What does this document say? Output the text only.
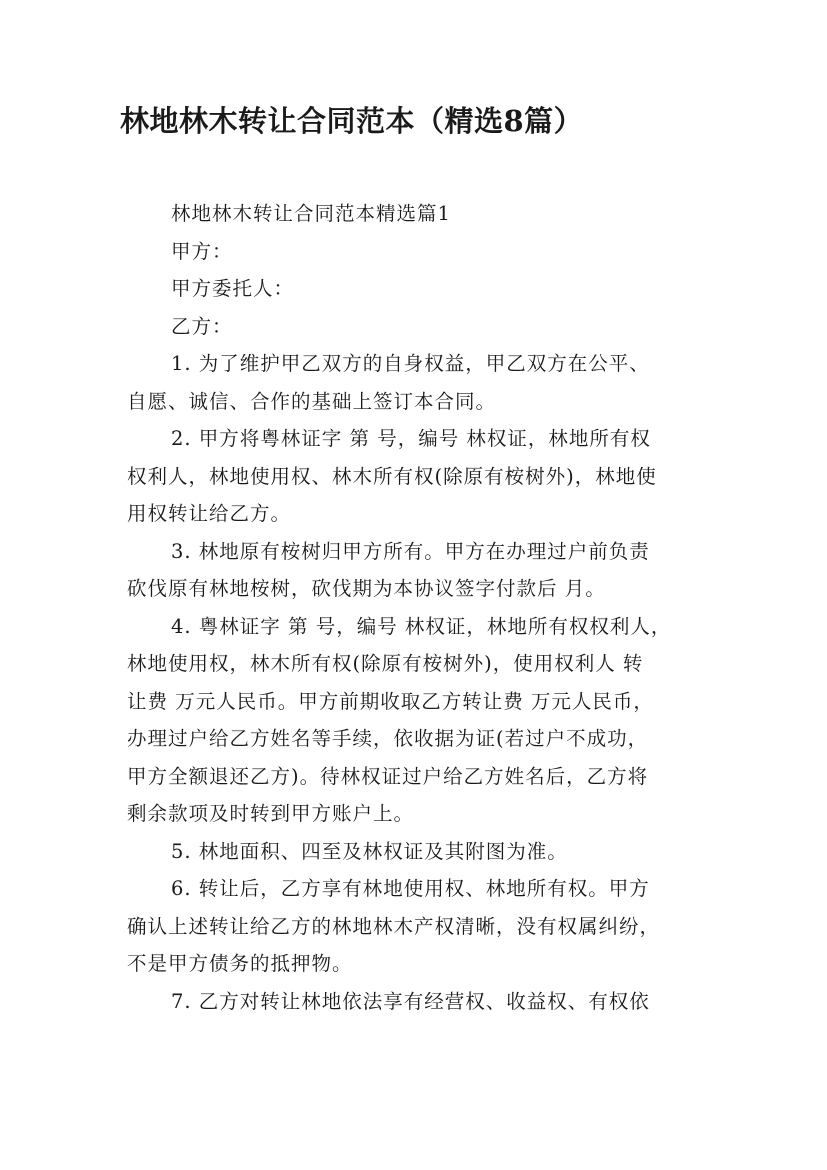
林地林木转让合同范本（精选8篇）
林地林木转让合同范本精选篇1
甲方：
甲方委托人：
乙方：
1. 为了维护甲乙双方的自身权益，甲乙双方在公平、
自愿、诚信、合作的基础上签订本合同。
2. 甲方将粤林证字 第 号，编号 林权证，林地所有权
权利人，林地使用权、林木所有权(除原有桉树外)，林地使
用权转让给乙方。
3. 林地原有桉树归甲方所有。甲方在办理过户前负责
砍伐原有林地桉树，砍伐期为本协议签字付款后 月。
4. 粤林证字 第 号，编号 林权证，林地所有权权利人，
林地使用权，林木所有权(除原有桉树外)，使用权利人 转
让费 万元人民币。甲方前期收取乙方转让费 万元人民币，
办理过户给乙方姓名等手续，依收据为证(若过户不成功，
甲方全额退还乙方)。待林权证过户给乙方姓名后，乙方将
剩余款项及时转到甲方账户上。
5. 林地面积、四至及林权证及其附图为准。
6. 转让后，乙方享有林地使用权、林地所有权。甲方
确认上述转让给乙方的林地林木产权清晰，没有权属纠纷，
不是甲方债务的抵押物。
7. 乙方对转让林地依法享有经营权、收益权、有权依
